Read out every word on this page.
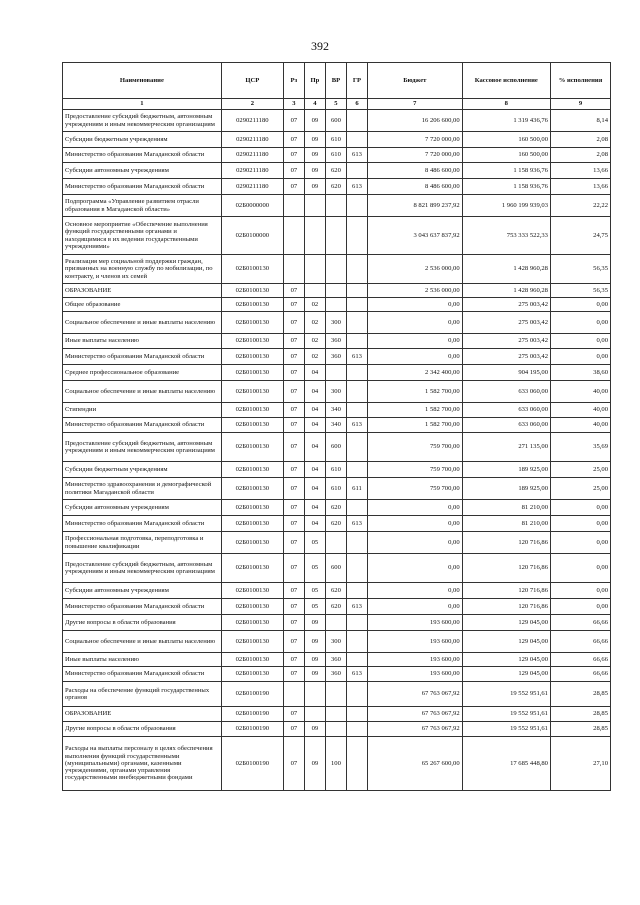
392
Наименование	ЦСР	Рз	Пр	ВР	ГР	Бюджет	Кассовое исполнение	% исполнения
1	2	3	4	5	6	7	8	9
Предоставление субсидий бюджетным, автономным учреждениям и иным некоммерческим организациям	0290211180	07	09	600		16 206 600,00	1 319 436,76	8,14
Субсидии бюджетным учреждениям	0290211180	07	09	610		7 720 000,00	160 500,00	2,08
Министерство образования Магаданской области	0290211180	07	09	610	613	7 720 000,00	160 500,00	2,08
Субсидии автономным учреждениям	0290211180	07	09	620		8 486 600,00	1 158 936,76	13,66
Министерство образования Магаданской области	0290211180	07	09	620	613	8 486 600,00	1 158 936,76	13,66
Подпрограмма «Управление развитием отрасли образования в Магаданской области»	02Б0000000					8 821 899 237,92	1 960 199 939,03	22,22
Основное мероприятие «Обеспечение выполнения функций государственными органами и находящимися в их ведении государственными учреждениями»	02Б0100000					3 043 637 837,92	753 333 522,33	24,75
Реализация мер социальной поддержки граждан, призванных на военную службу по мобилизации, по контракту, и членов их семей	02Б0100130					2 536 000,00	1 428 960,28	56,35
ОБРАЗОВАНИЕ	02Б0100130	07				2 536 000,00	1 428 960,28	56,35
Общее образование	02Б0100130	07	02			0,00	275 003,42	0,00
Социальное обеспечение и иные выплаты населению	02Б0100130	07	02	300		0,00	275 003,42	0,00
Иные выплаты населению	02Б0100130	07	02	360		0,00	275 003,42	0,00
Министерство образования Магаданской области	02Б0100130	07	02	360	613	0,00	275 003,42	0,00
Среднее профессиональное образование	02Б0100130	07	04			2 342 400,00	904 195,00	38,60
Социальное обеспечение и иные выплаты населению	02Б0100130	07	04	300		1 582 700,00	633 060,00	40,00
Стипендии	02Б0100130	07	04	340		1 582 700,00	633 060,00	40,00
Министерство образования Магаданской области	02Б0100130	07	04	340	613	1 582 700,00	633 060,00	40,00
Предоставление субсидий бюджетным, автономным учреждениям и иным некоммерческим организациям	02Б0100130	07	04	600		759 700,00	271 135,00	35,69
Субсидии бюджетным учреждениям	02Б0100130	07	04	610		759 700,00	189 925,00	25,00
Министерство здравоохранения и демографической политики Магаданской области	02Б0100130	07	04	610	611	759 700,00	189 925,00	25,00
Субсидии автономным учреждениям	02Б0100130	07	04	620		0,00	81 210,00	0,00
Министерство образования Магаданской области	02Б0100130	07	04	620	613	0,00	81 210,00	0,00
Профессиональная подготовка, переподготовка и повышение квалификации	02Б0100130	07	05			0,00	120 716,86	0,00
Предоставление субсидий бюджетным, автономным учреждениям и иным некоммерческим организациям	02Б0100130	07	05	600		0,00	120 716,86	0,00
Субсидии автономным учреждениям	02Б0100130	07	05	620		0,00	120 716,86	0,00
Министерство образования Магаданской области	02Б0100130	07	05	620	613	0,00	120 716,86	0,00
Другие вопросы в области образования	02Б0100130	07	09			193 600,00	129 045,00	66,66
Социальное обеспечение и иные выплаты населению	02Б0100130	07	09	300		193 600,00	129 045,00	66,66
Иные выплаты населению	02Б0100130	07	09	360		193 600,00	129 045,00	66,66
Министерство образования Магаданской области	02Б0100130	07	09	360	613	193 600,00	129 045,00	66,66
Расходы на обеспечение функций государственных органов	02Б0100190					67 763 067,92	19 552 951,61	28,85
ОБРАЗОВАНИЕ	02Б0100190	07				67 763 067,92	19 552 951,61	28,85
Другие вопросы в области образования	02Б0100190	07	09			67 763 067,92	19 552 951,61	28,85
Расходы на выплаты персоналу в целях обеспечения выполнения функций государственными (муниципальными) органами, казенными учреждениями, органами управления государственными внебюджетными фондами	02Б0100190	07	09	100		65 267 600,00	17 685 448,80	27,10
